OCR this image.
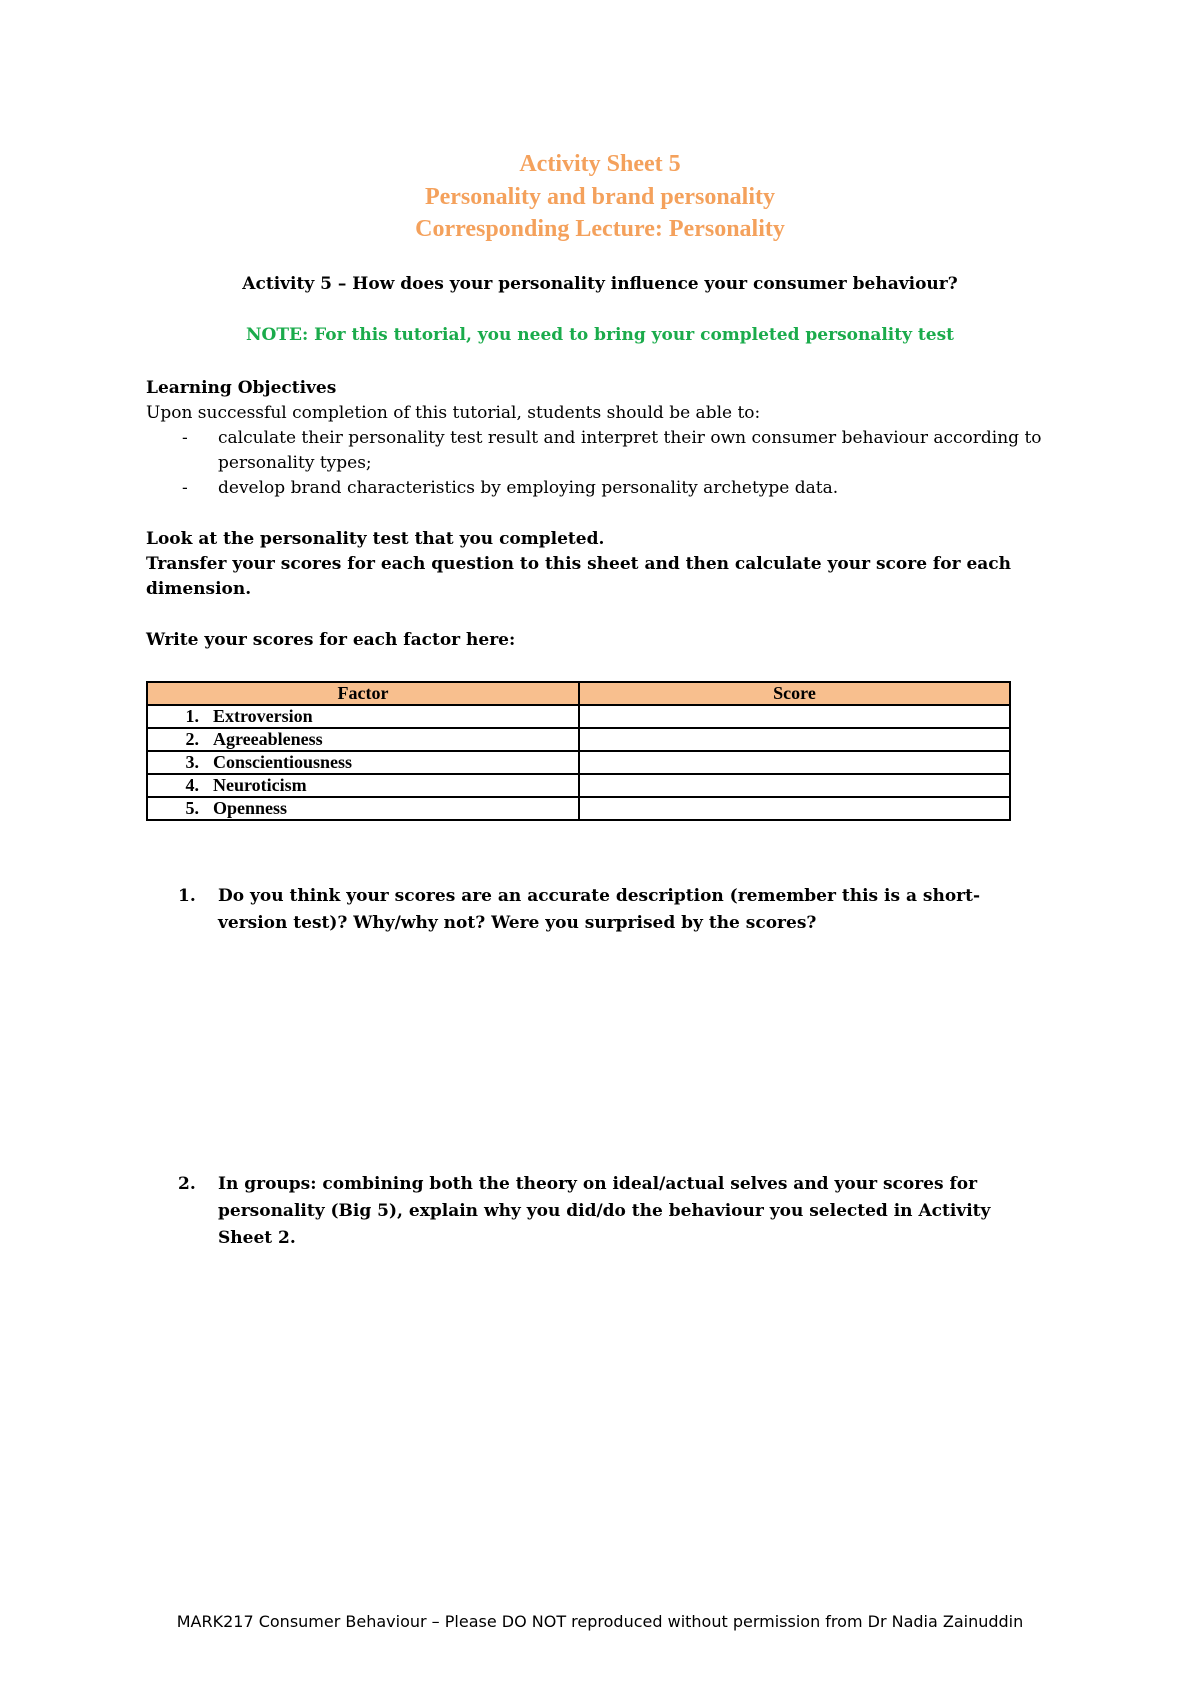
Activity Sheet 5
Personality and brand personality
Corresponding Lecture: Personality
Activity 5 – How does your personality influence your consumer behaviour?
NOTE: For this tutorial, you need to bring your completed personality test
Learning Objectives
Upon successful completion of this tutorial, students should be able to:
- calculate their personality test result and interpret their own consumer behaviour according to personality types;
- develop brand characteristics by employing personality archetype data.
Look at the personality test that you completed.
Transfer your scores for each question to this sheet and then calculate your score for each dimension.
Write your scores for each factor here:
Factor	Score
1. Extroversion	
2. Agreeableness	
3. Conscientiousness	
4. Neuroticism	
5. Openness	
1.	Do you think your scores are an accurate description (remember this is a short-version test)? Why/why not? Were you surprised by the scores?
2.	In groups: combining both the theory on ideal/actual selves and your scores for personality (Big 5), explain why you did/do the behaviour you selected in Activity Sheet 2.
MARK217 Consumer Behaviour – Please DO NOT reproduced without permission from Dr Nadia Zainuddin
